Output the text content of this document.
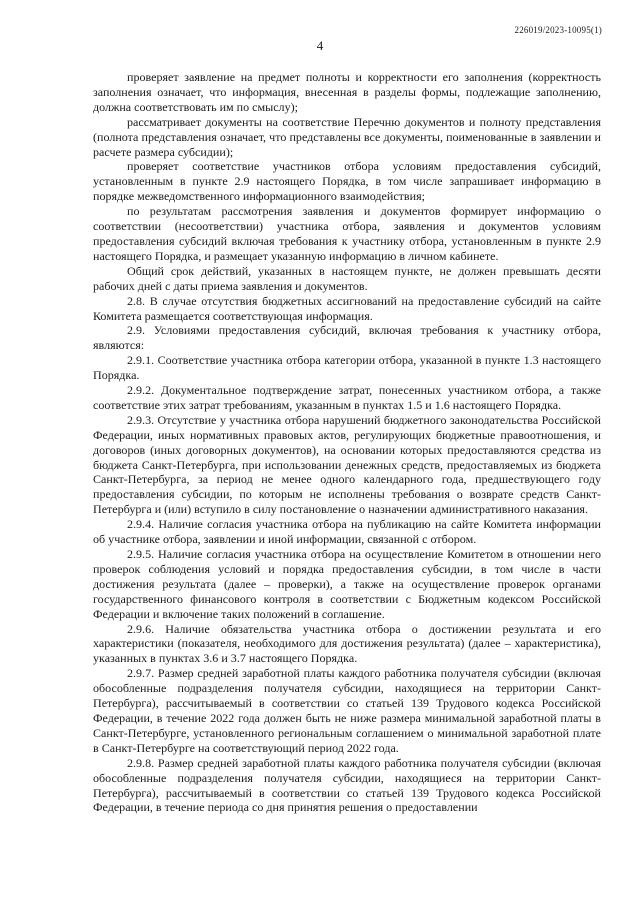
226019/2023-10095(1)
4

проверяет заявление на предмет полноты и корректности его заполнения (корректность заполнения означает, что информация, внесенная в разделы формы, подлежащие заполнению, должна соответствовать им по смыслу);

рассматривает документы на соответствие Перечню документов и полноту представления (полнота представления означает, что представлены все документы, поименованные в заявлении и расчете размера субсидии);

проверяет соответствие участников отбора условиям предоставления субсидий, установленным в пункте 2.9 настоящего Порядка, в том числе запрашивает информацию в порядке межведомственного информационного взаимодействия;

по результатам рассмотрения заявления и документов формирует информацию о соответствии (несоответствии) участника отбора, заявления и документов условиям предоставления субсидий включая требования к участнику отбора, установленным в пункте 2.9 настоящего Порядка, и размещает указанную информацию в личном кабинете.

Общий срок действий, указанных в настоящем пункте, не должен превышать десяти рабочих дней с даты приема заявления и документов.

2.8. В случае отсутствия бюджетных ассигнований на предоставление субсидий на сайте Комитета размещается соответствующая информация.

2.9. Условиями предоставления субсидий, включая требования к участнику отбора, являются:

2.9.1. Соответствие участника отбора категории отбора, указанной в пункте 1.3 настоящего Порядка.

2.9.2. Документальное подтверждение затрат, понесенных участником отбора, а также соответствие этих затрат требованиям, указанным в пунктах 1.5 и 1.6 настоящего Порядка.

2.9.3. Отсутствие у участника отбора нарушений бюджетного законодательства Российской Федерации, иных нормативных правовых актов, регулирующих бюджетные правоотношения, и договоров (иных договорных документов), на основании которых предоставляются средства из бюджета Санкт-Петербурга, при использовании денежных средств, предоставляемых из бюджета Санкт-Петербурга, за период не менее одного календарного года, предшествующего году предоставления субсидии, по которым не исполнены требования о возврате средств Санкт-Петербурга и (или) вступило в силу постановление о назначении административного наказания.

2.9.4. Наличие согласия участника отбора на публикацию на сайте Комитета информации об участнике отбора, заявлении и иной информации, связанной с отбором.

2.9.5. Наличие согласия участника отбора на осуществление Комитетом в отношении него проверок соблюдения условий и порядка предоставления субсидии, в том числе в части достижения результата (далее – проверки), а также на осуществление проверок органами государственного финансового контроля в соответствии с Бюджетным кодексом Российской Федерации и включение таких положений в соглашение.

2.9.6. Наличие обязательства участника отбора о достижении результата и его характеристики (показателя, необходимого для достижения результата) (далее – характеристика), указанных в пунктах 3.6 и 3.7 настоящего Порядка.

2.9.7. Размер средней заработной платы каждого работника получателя субсидии (включая обособленные подразделения получателя субсидии, находящиеся на территории Санкт-Петербурга), рассчитываемый в соответствии со статьей 139 Трудового кодекса Российской Федерации, в течение 2022 года должен быть не ниже размера минимальной заработной платы в Санкт-Петербурге, установленного региональным соглашением о минимальной заработной плате в Санкт-Петербурге на соответствующий период 2022 года.

2.9.8. Размер средней заработной платы каждого работника получателя субсидии (включая обособленные подразделения получателя субсидии, находящиеся на территории Санкт-Петербурга), рассчитываемый в соответствии со статьей 139 Трудового кодекса Российской Федерации, в течение периода со дня принятия решения о предоставлении
